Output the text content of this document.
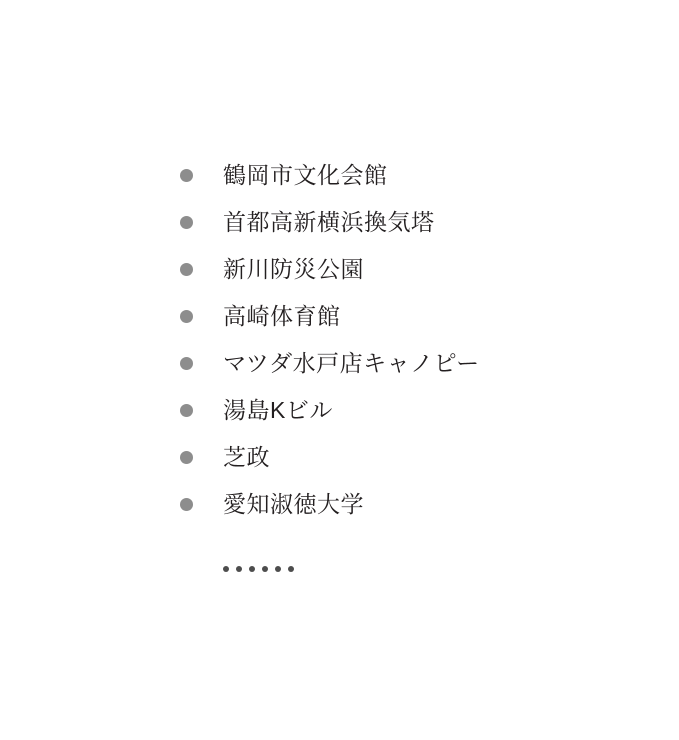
鶴岡市文化会館
首都高新横浜換気塔
新川防災公園
高崎体育館
マツダ水戸店キャノピー
湯島Kビル
芝政
愛知淑徳大学
